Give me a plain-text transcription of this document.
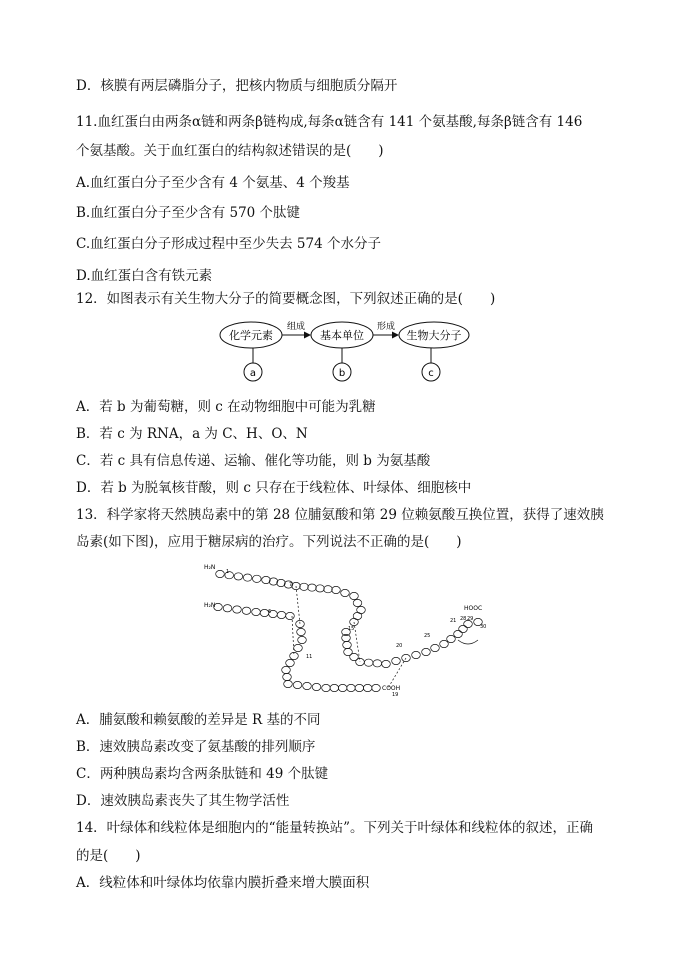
D．核膜有两层磷脂分子，把核内物质与细胞质分隔开
11.血红蛋白由两条α链和两条β链构成,每条α链含有 141 个氨基酸,每条β链含有 146
个氨基酸。关于血红蛋白的结构叙述错误的是(　　)
A.血红蛋白分子至少含有 4 个氨基、4 个羧基
B.血红蛋白分子至少含有 570 个肽键
C.血红蛋白分子形成过程中至少失去 574 个水分子
D.血红蛋白含有铁元素
12．如图表示有关生物大分子的简要概念图，下列叙述正确的是(　　)
化学元素
组成
基本单位
形成
生物大分子
a	b	c
A．若 b 为葡萄糖，则 c 在动物细胞中可能为乳糖
B．若 c 为 RNA，a 为 C、H、O、N
C．若 c 具有信息传递、运输、催化等功能，则 b 为氨基酸
D．若 b 为脱氧核苷酸，则 c 只存在于线粒体、叶绿体、细胞核中
13．科学家将天然胰岛素中的第 28 位脯氨酸和第 29 位赖氨酸互换位置，获得了速效胰
岛素(如下图)，应用于糖尿病的治疗。下列说法不正确的是(　　)
H₂N
H₂N	HOOC
COOH
1
7
6
11
20
21
25
28 29
30
15
19
A．脯氨酸和赖氨酸的差异是 R 基的不同
B．速效胰岛素改变了氨基酸的排列顺序
C．两种胰岛素均含两条肽链和 49 个肽键
D．速效胰岛素丧失了其生物学活性
14．叶绿体和线粒体是细胞内的“能量转换站”。下列关于叶绿体和线粒体的叙述，正确
的是(　　)
A．线粒体和叶绿体均依靠内膜折叠来增大膜面积
